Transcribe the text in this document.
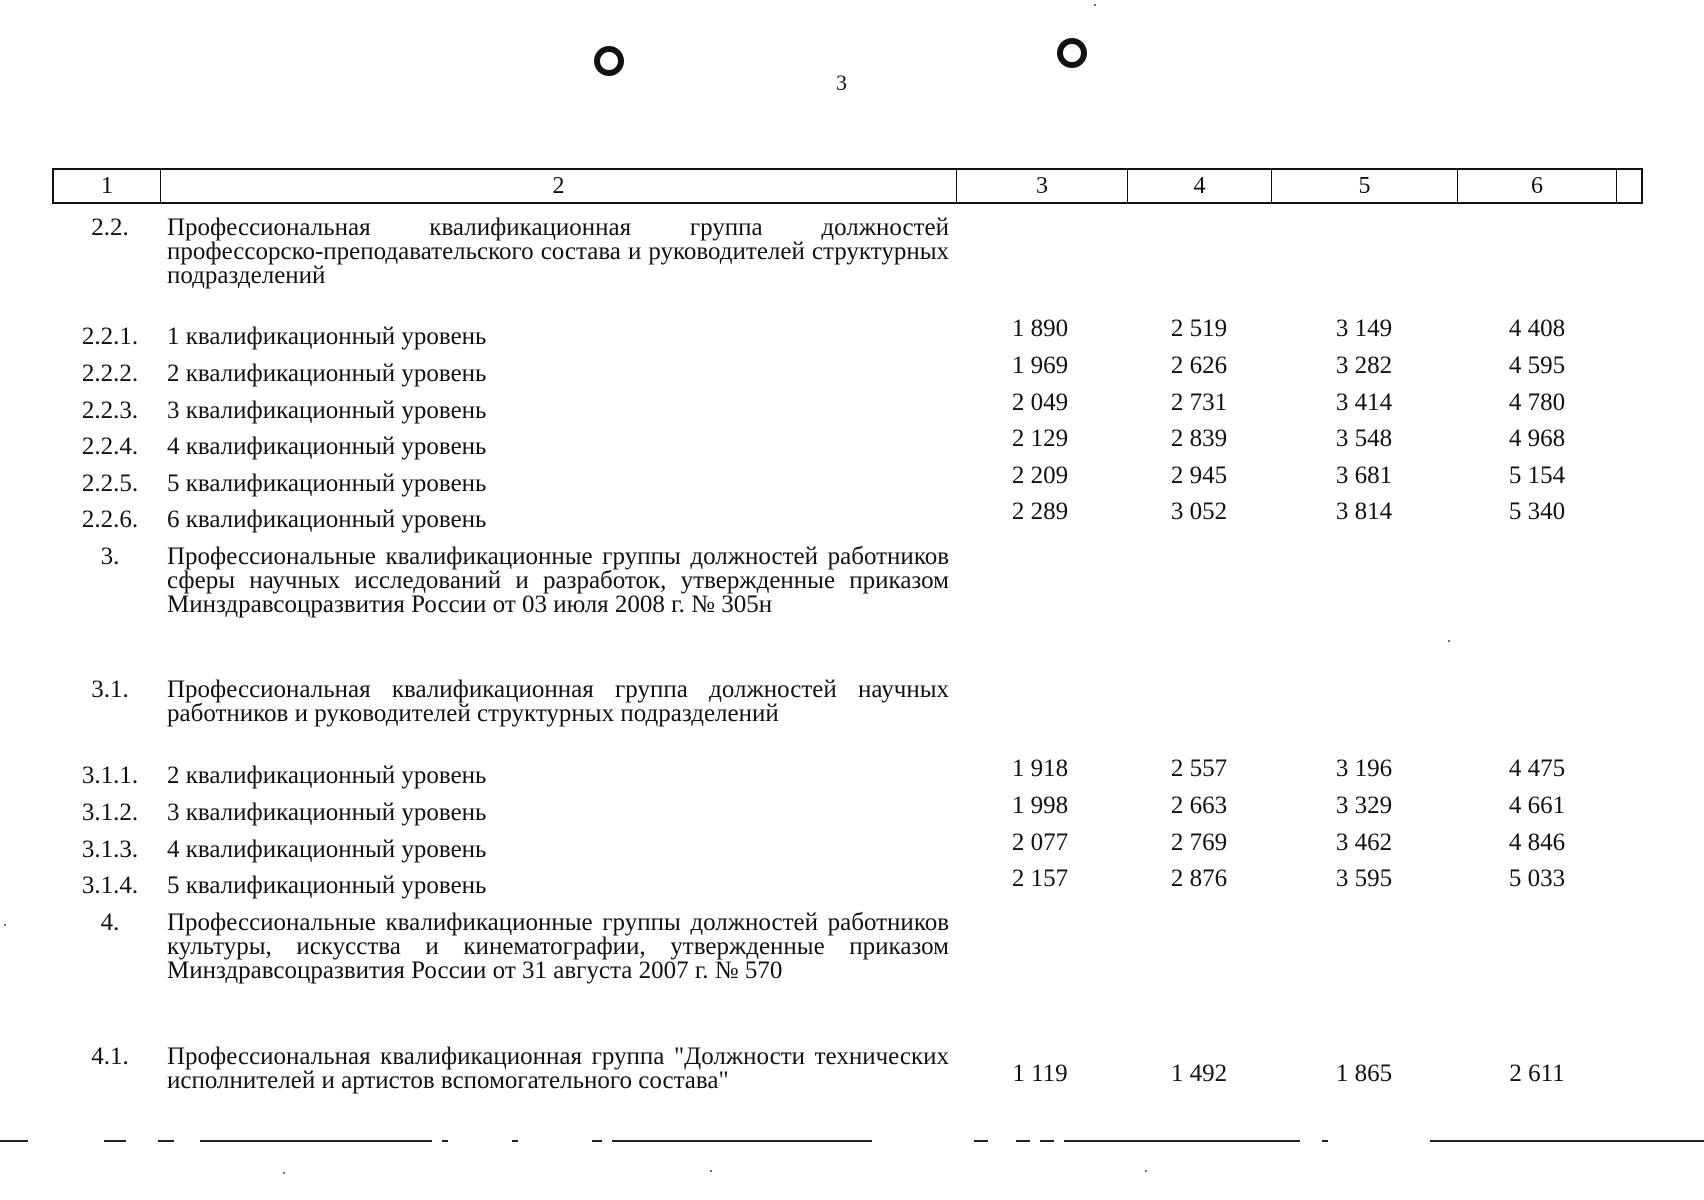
3
1	2	3	4	5	6
2.2.	Профессиональная квалификационная группа должностей профессорско-преподавательского состава и руководителей структурных подразделений
2.2.1.	1 квалификационный уровень	1 890	2 519	3 149	4 408
2.2.2.	2 квалификационный уровень	1 969	2 626	3 282	4 595
2.2.3.	3 квалификационный уровень	2 049	2 731	3 414	4 780
2.2.4.	4 квалификационный уровень	2 129	2 839	3 548	4 968
2.2.5.	5 квалификационный уровень	2 209	2 945	3 681	5 154
2.2.6.	6 квалификационный уровень	2 289	3 052	3 814	5 340
3.	Профессиональные квалификационные группы должностей работников сферы научных исследований и разработок, утвержденные приказом Минздравсоцразвития России от 03 июля 2008 г. № 305н
3.1.	Профессиональная квалификационная группа должностей научных работников и руководителей структурных подразделений
3.1.1.	2 квалификационный уровень	1 918	2 557	3 196	4 475
3.1.2.	3 квалификационный уровень	1 998	2 663	3 329	4 661
3.1.3.	4 квалификационный уровень	2 077	2 769	3 462	4 846
3.1.4.	5 квалификационный уровень	2 157	2 876	3 595	5 033
4.	Профессиональные квалификационные группы должностей работников культуры, искусства и кинематографии, утвержденные приказом Минздравсоцразвития России от 31 августа 2007 г. № 570
4.1.	Профессиональная квалификационная группа "Должности технических исполнителей и артистов вспомогательного состава"	1 119	1 492	1 865	2 611
